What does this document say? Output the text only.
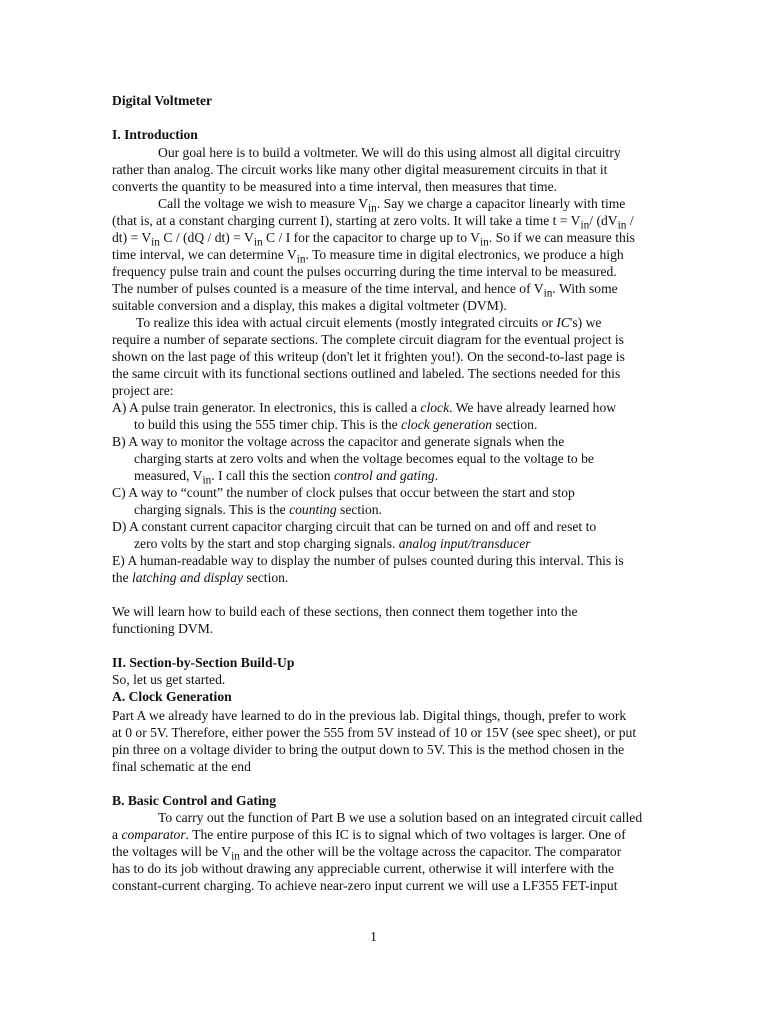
Digital Voltmeter
I. Introduction
Our goal here is to build a voltmeter. We will do this using almost all digital circuitry
rather than analog. The circuit works like many other digital measurement circuits in that it
converts the quantity to be measured into a time interval, then measures that time.
Call the voltage we wish to measure $V_{in}$. Say we charge a capacitor linearly with time
(that is, at a constant charging current I), starting at zero volts. It will take a time $t = V_{in}/$ ($dV_{in}$ /
$dt) = V_{in}$ $C / (dQ / dt) = V_{in}$ C / I for the capacitor to charge up to $V_{in}$. So if we can measure this
time interval, we can determine $V_{in}$. To measure time in digital electronics, we produce a high
frequency pulse train and count the pulses occurring during the time interval to be measured.
The number of pulses counted is a measure of the time interval, and hence of $V_{in}$. With some
suitable conversion and a display, this makes a digital voltmeter (DVM).
To realize this idea with actual circuit elements (mostly integrated circuits or IC's) we
require a number of separate sections. The complete circuit diagram for the eventual project is
shown on the last page of this writeup (don't let it frighten you!). On the second-to-last page is
the same circuit with its functional sections outlined and labeled. The sections needed for this
project are:
A) A pulse train generator. In electronics, this is called a clock. We have already learned how
to build this using the 555 timer chip. This is the clock generation section.
B) A way to monitor the voltage across the capacitor and generate signals when the
charging starts at zero volts and when the voltage becomes equal to the voltage to be
measured, $V_{in}$. I call this the section control and gating.
C) A way to “count” the number of clock pulses that occur between the start and stop
charging signals. This is the counting section.
D) A constant current capacitor charging circuit that can be turned on and off and reset to
zero volts by the start and stop charging signals. analog input/transducer
E) A human-readable way to display the number of pulses counted during this interval. This is
the latching and display section.
We will learn how to build each of these sections, then connect them together into the
functioning DVM.
II. Section-by-Section Build-Up
So, let us get started.
A. Clock Generation
Part A we already have learned to do in the previous lab. Digital things, though, prefer to work
at 0 or 5V. Therefore, either power the 555 from 5V instead of 10 or 15V (see spec sheet), or put
pin three on a voltage divider to bring the output down to 5V. This is the method chosen in the
final schematic at the end
B. Basic Control and Gating
To carry out the function of Part B we use a solution based on an integrated circuit called
a comparator. The entire purpose of this IC is to signal which of two voltages is larger. One of
the voltages will be $V_{in}$ and the other will be the voltage across the capacitor. The comparator
has to do its job without drawing any appreciable current, otherwise it will interfere with the
constant-current charging. To achieve near-zero input current we will use a LF355 FET-input
1
